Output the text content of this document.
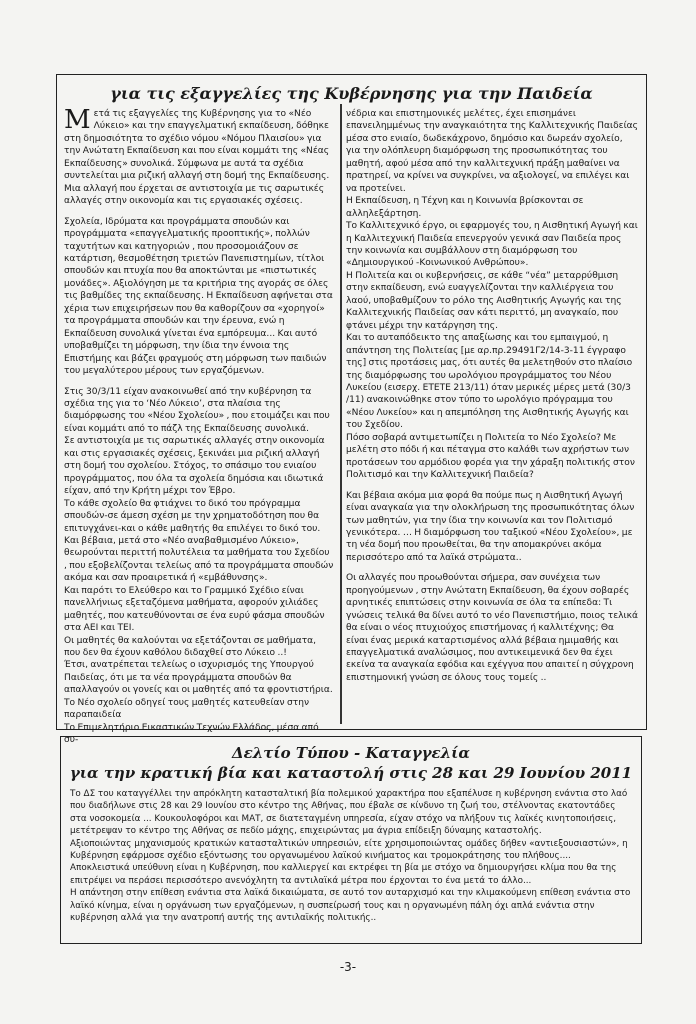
για τις εξαγγελίες της Κυβέρνησης για την Παιδεία

Μετά τις εξαγγελίες της Κυβέρνησης για το «Νέο Λύκειο» και την επαγγελματική εκπαίδευση, δόθηκε στη δημοσιότητα το σχέδιο νόμου «Νόμου Πλαισίου» για την Ανώτατη Εκπαίδευση και που είναι κομμάτι της «Νέας Εκπαίδευσης» συνολικά. Σύμφωνα με αυτά τα σχέδια συντελείται μια ριζική αλλαγή στη δομή της Εκπαίδευσης. Μια αλλαγή που έρχεται σε αντιστοιχία με τις σαρωτικές αλλαγές στην οικονομία και τις εργασιακές σχέσεις.

Σχολεία, Ιδρύματα και προγράμματα σπουδών και προγράμματα «επαγγελματικής προοπτικής», πολλών ταχυτήτων και κατηγοριών , που προσομοιάζουν σε κατάρτιση, θεσμοθέτηση τριετών Πανεπιστημίων, τίτλοι σπουδών και πτυχία που θα αποκτώνται με «πιστωτικές μονάδες». Αξιολόγηση με τα κριτήρια της αγοράς σε όλες τις βαθμίδες της εκπαίδευσης. Η Εκπαίδευση αφήνεται στα χέρια των επιχειρήσεων που θα καθορίζουν σα «χορηγοί» τα προγράμματα σπουδών και την έρευνα, ενώ η Εκπαίδευση συνολικά γίνεται ένα εμπόρευμα... Και αυτό υποβαθμίζει τη μόρφωση, την ίδια την έννοια της Επιστήμης και βάζει φραγμούς στη μόρφωση των παιδιών του μεγαλύτερου μέρους των εργαζόμενων.

Στις 30/3/11 είχαν ανακοινωθεί από την κυβέρνηση τα σχέδια της για το ‘Νέο Λύκειο’, στα πλαίσια της διαμόρφωσης του «Νέου Σχολείου» , που ετοιμάζει και που είναι κομμάτι από το πάζλ της Εκπαίδευσης συνολικά.

Σε αντιστοιχία με τις σαρωτικές αλλαγές στην οικονομία και στις εργασιακές σχέσεις, ξεκινάει μια ριζική αλλαγή στη δομή του σχολείου. Στόχος, το σπάσιμο του ενιαίου προγράμματος, που όλα τα σχολεία δημόσια και ιδιωτικά είχαν, από την Κρήτη μέχρι τον Έβρο.

Το κάθε σχολείο θα φτιάχνει το δικό του πρόγραμμα σπουδών-σε άμεση σχέση με την χρηματοδότηση που θα επιτυγχάνει-και ο κάθε μαθητής θα επιλέγει το δικό του.

Και βέβαια, μετά στο «Νέο αναβαθμισμένο Λύκειο», θεωρούνται περιττή πολυτέλεια τα μαθήματα του Σχεδίου , που εξοβελίζονται τελείως από τα προγράμματα σπουδών ακόμα και σαν προαιρετικά ή «εμβάθυνσης».

Και παρότι το Ελεύθερο και το Γραμμικό Σχέδιο είναι πανελλήνιως εξεταζόμενα μαθήματα, αφορούν χιλιάδες μαθητές, που κατευθύνονται σε ένα ευρύ φάσμα σπουδών στα ΑΕΙ και ΤΕΙ.

Οι μαθητές θα καλούνται να εξετάζονται σε μαθήματα, που δεν θα έχουν καθόλου διδαχθεί στο Λύκειο ..!

Έτσι, ανατρέπεται τελείως ο ισχυρισμός της Υπουργού Παιδείας, ότι με τα νέα προγράμματα σπουδών θα απαλλαγούν οι γονείς και οι μαθητές από τα φροντιστήρια. Το Νέο σχολείο οδηγεί τους μαθητές κατευθείαν στην παραπαιδεία

Το Επιμελητήριο Εικαστικών Τεχνών Ελλάδος, μέσα από συ-

νέδρια και επιστημονικές μελέτες, έχει επισημάνει επανειλημμένως την αναγκαιότητα της Καλλιτεχνικής Παιδείας μέσα στο ενιαίο, δωδεκάχρονο, δημόσιο και δωρεάν σχολείο, για την ολόπλευρη διαμόρφωση της προσωπικότητας του μαθητή, αφού μέσα από την καλλιτεχνική πράξη μαθαίνει να πρατηρεί, να κρίνει να συγκρίνει, να αξιολογεί, να επιλέγει και να προτείνει.

Η Εκπαίδευση, η Τέχνη και η Κοινωνία βρίσκονται σε αλληλεξάρτηση.

Το Καλλιτεχνικό έργο, οι εφαρμογές του, η Αισθητική Αγωγή και η Καλλιτεχνική Παιδεία επενεργούν γενικά σαν Παιδεία προς την κοινωνία και συμβάλλουν στη διαμόρφωση του «Δημιουργικού -Κοινωνικού Ανθρώπου».

Η Πολιτεία και οι κυβερνήσεις, σε κάθε “νέα” μεταρρύθμιση στην εκπαίδευση, ενώ ευαγγελίζονται την καλλιέργεια του λαού, υποβαθμίζουν το ρόλο της Αισθητικής Αγωγής και της Καλλιτεχνικής Παιδείας σαν κάτι περιττό, μη αναγκαίο, που φτάνει μέχρι την κατάργηση της.

Και το αυταπόδεικτο της απαξίωσης και του εμπαιγμού, η απάντηση της Πολιτείας [με αρ.πρ.29491Γ2/14-3-11 έγγραφο της] στις προτάσεις μας, ότι αυτές θα μελετηθούν στο πλαίσιο της διαμόρφωσης του ωρολόγιου προγράμματος του Νέου Λυκείου (εισερχ. ΕΤΕΤΕ 213/11) όταν μερικές μέρες μετά (30/3 /11) ανακοινώθηκε στον τύπο το ωρολόγιο πρόγραμμα του «Νέου Λυκείου» και η απεμπόληση της Αισθητικής Αγωγής και του Σχεδίου.

Πόσο σοβαρά αντιμετωπίζει η Πολιτεία το Νέο Σχολείο? Με μελέτη στο πόδι ή και πέταγμα στο καλάθι των αχρήστων των προτάσεων του αρμόδιου φορέα για την χάραξη πολιτικής στον Πολιτισμό και την Καλλιτεχνική Παιδεία?

Και βέβαια ακόμα μια φορά θα πούμε πως η Αισθητική Αγωγή είναι αναγκαία για την ολοκλήρωση της προσωπικότητας όλων των μαθητών, για την ίδια την κοινωνία και τον Πολιτισμό γενικότερα. … Η διαμόρφωση του ταξικού «Νέου Σχολείου», με τη νέα δομή που προωθείται, θα την απομακρύνει ακόμα περισσότερο από τα λαϊκά στρώματα..

Οι αλλαγές που προωθούνται σήμερα, σαν συνέχεια των προηγούμενων , στην Ανώτατη Εκπαίδευση, θα έχουν σοβαρές αρνητικές επιπτώσεις στην κοινωνία σε όλα τα επίπεδα: Τι γνώσεις τελικά θα δίνει αυτό το νέο Πανεπιστήμιο, ποιος τελικά θα είναι ο νέος πτυχιούχος επιστήμονας ή καλλιτέχνης; Θα είναι ένας μερικά καταρτισμένος αλλά βέβαια ημιμαθής και επαγγελματικά αναλώσιμος, που αντικειμενικά δεν θα έχει εκείνα τα αναγκαία εφόδια και εχέγγυα που απαιτεί η σύγχρονη επιστημονική γνώση σε όλους τους τομείς ..

Δελτίο Τύπου - Καταγγελία
για την κρατική βία και καταστολή στις 28 και 29 Ιουνίου 2011

Το ΔΣ του καταγγέλλει την απρόκλητη κατασταλτική βία πολεμικού χαρακτήρα που εξαπέλυσε η κυβέρνηση ενάντια στο λαό που διαδήλωνε στις 28 και 29 Ιουνίου στο κέντρο της Αθήνας, που έβαλε σε κίνδυνο τη ζωή του, στέλνοντας εκατοντάδες στα νοσοκομεία ... Κουκουλοφόροι και ΜΑΤ, σε διατεταγμένη υπηρεσία, είχαν στόχο να πλήξουν τις λαϊκές κινητοποιήσεις, μετέτρεψαν το κέντρο της Αθήνας σε πεδίο μάχης, επιχειρώντας μα άγρια επίδειξη δύναμης καταστολής.

Αξιοποιώντας μηχανισμούς κρατικών κατασταλτικών υπηρεσιών, είτε χρησιμοποιώντας ομάδες δήθεν «αντιεξουσιαστών», η Κυβέρνηση εφάρμοσε σχέδιο εξόντωσης του οργανωμένου λαϊκού κινήματος και τρομοκράτησης του πλήθους....

Αποκλειστικά υπεύθυνη είναι η Κυβέρνηση, που καλλιεργεί και εκτρέφει τη βία με στόχο να δημιουργήσει κλίμα που θα της επιτρέψει να περάσει περισσότερο ανενόχλητη τα αντιλαϊκά μέτρα που έρχονται το ένα μετά το άλλο...

Η απάντηση στην επίθεση ενάντια στα λαϊκά δικαιώματα, σε αυτό τον αυταρχισμό και την κλιμακούμενη επίθεση ενάντια στο λαϊκό κίνημα, είναι η οργάνωση των εργαζόμενων, η συσπείρωσή τους και η οργανωμένη πάλη όχι απλά ενάντια στην κυβέρνηση αλλά για την ανατροπή αυτής της αντιλαϊκής πολιτικής..

-3-
